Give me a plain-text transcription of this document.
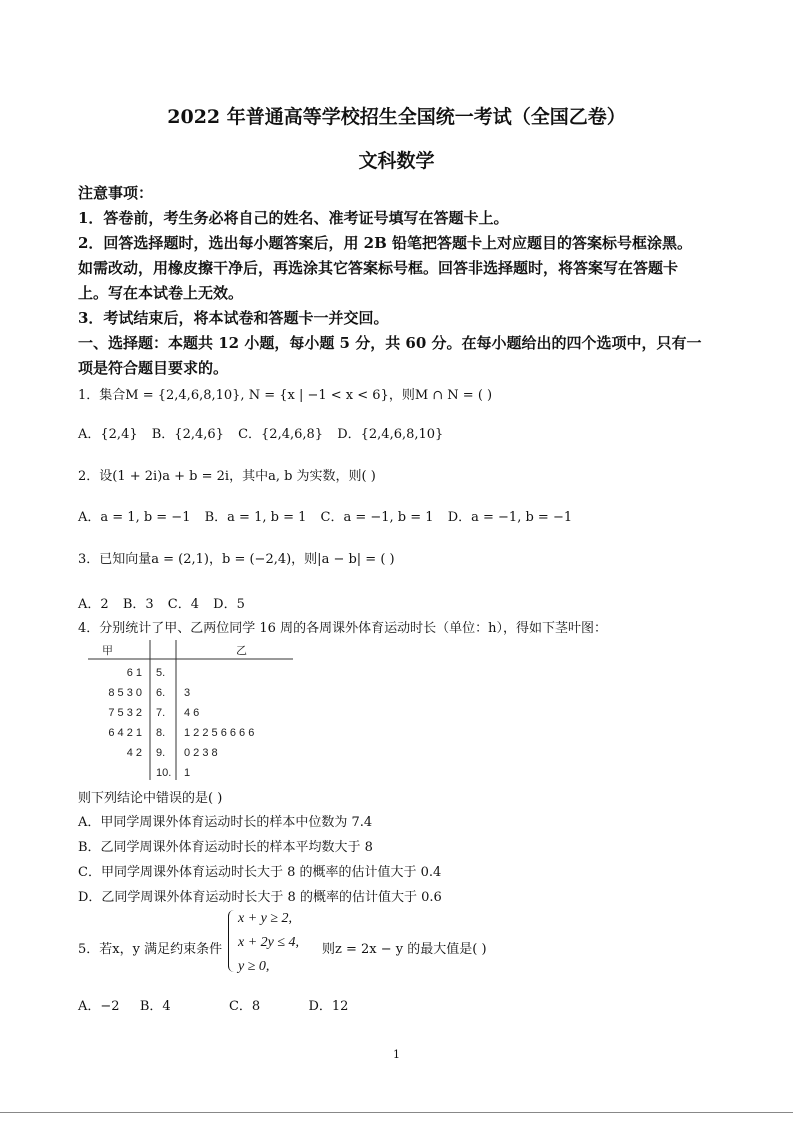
2022 年普通高等学校招生全国统一考试（全国乙卷）
文科数学
注意事项：
1．答卷前，考生务必将自己的姓名、准考证号填写在答题卡上。
2．回答选择题时，选出每小题答案后，用 2B 铅笔把答题卡上对应题目的答案标号框涂黑。
如需改动，用橡皮擦干净后，再选涂其它答案标号框。回答非选择题时，将答案写在答题卡
上。写在本试卷上无效。
3．考试结束后，将本试卷和答题卡一并交回。
一、选择题：本题共 12 小题，每小题 5 分，共 60 分。在每小题给出的四个选项中，只有一
项是符合题目要求的。
1．集合M = {2,4,6,8,10}, N = {x | −1 < x < 6}，则M ∩ N = ( )
A．{2,4} B．{2,4,6} C．{2,4,6,8} D．{2,4,6,8,10}
2．设(1 + 2i)a + b = 2i，其中a, b 为实数，则( )
A．a = 1, b = −1 B．a = 1, b = 1 C．a = −1, b = 1 D．a = −1, b = −1
3．已知向量a = (2,1)，b = (−2,4)，则|a − b| = ( )
A．2 B．3 C．4 D．5
4．分别统计了甲、乙两位同学 16 周的各周课外体育运动时长（单位：h），得如下茎叶图：
甲	乙
6 1 5.
8 5 3 0 6. 3
7 5 3 2 7. 4 6
6 4 2 1 8. 1 2 2 5 6 6 6 6
4 2 9. 0 2 3 8
10. 1
则下列结论中错误的是( )
A．甲同学周课外体育运动时长的样本中位数为 7.4
B．乙同学周课外体育运动时长的样本平均数大于 8
C．甲同学周课外体育运动时长大于 8 的概率的估计值大于 0.4
D．乙同学周课外体育运动时长大于 8 的概率的估计值大于 0.6
5．若x，y 满足约束条件
x + y ≥ 2,
x + 2y ≤ 4,
y ≥ 0,
则z = 2x − y 的最大值是( )
A．−2 B．4	C．8	D．12
1
